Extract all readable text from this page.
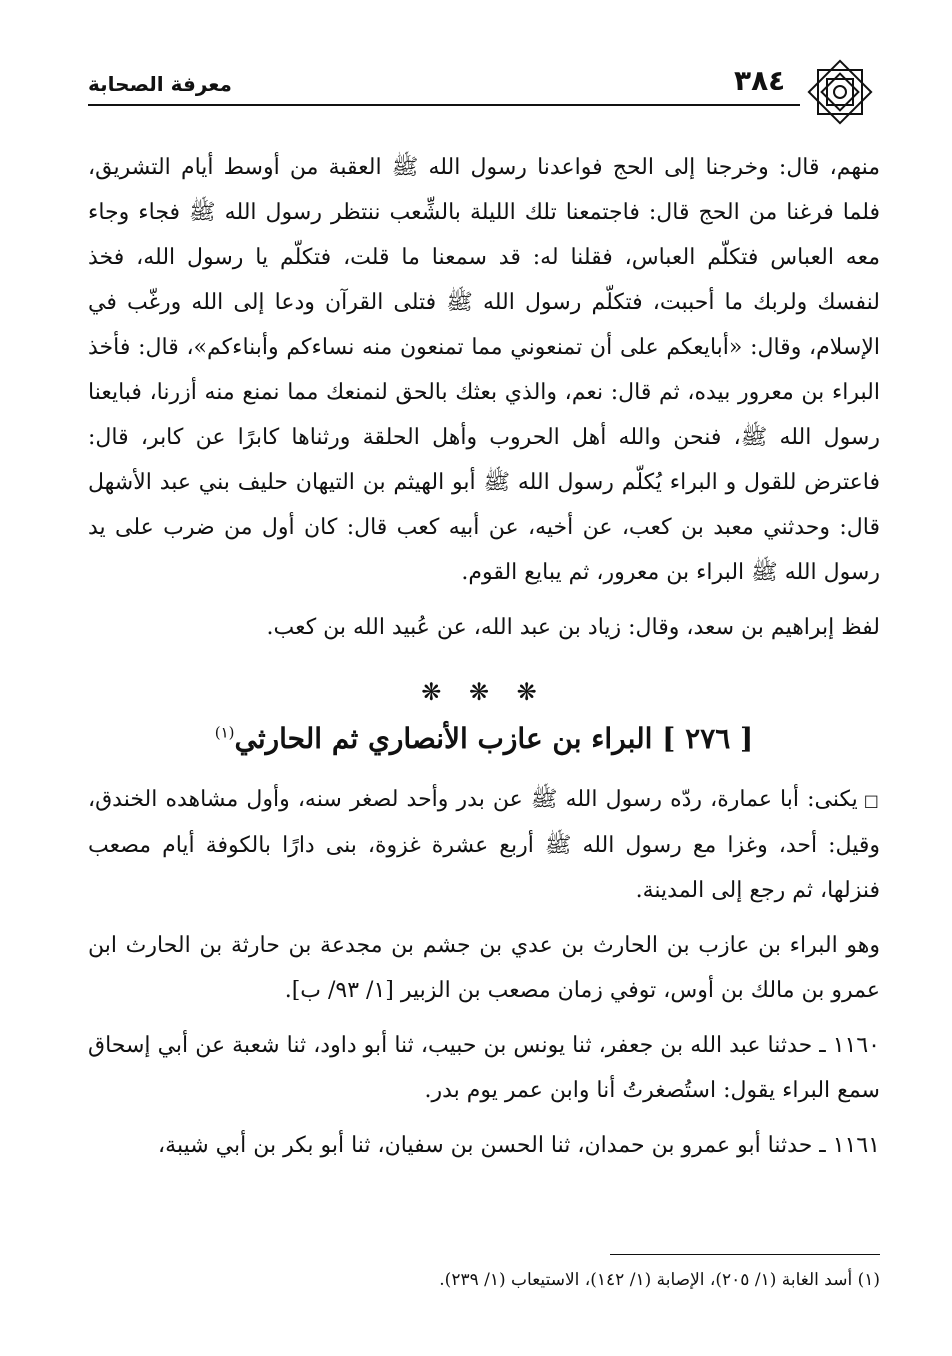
معرفة الصحابة	٣٨٤

منهم، قال: وخرجنا إلى الحج فواعدنا رسول الله ﷺ العقبة من أوسط أيام التشريق، فلما فرغنا من الحج قال: فاجتمعنا تلك الليلة بالشِّعب ننتظر رسول الله ﷺ فجاء وجاء معه العباس فتكلّم العباس، فقلنا له: قد سمعنا ما قلت، فتكلّم يا رسول الله، فخذ لنفسك ولربك ما أحببت، فتكلّم رسول الله ﷺ فتلى القرآن ودعا إلى الله ورغّب في الإسلام، وقال: «أبايعكم على أن تمنعوني مما تمنعون منه نساءكم وأبناءكم»، قال: فأخذ البراء بن معرور بيده، ثم قال: نعم، والذي بعثك بالحق لنمنعك مما نمنع منه أزرنا، فبايعنا رسول الله ﷺ، فنحن والله أهل الحروب وأهل الحلقة ورثناها كابرًا عن كابر، قال: فاعترض للقول و البراء يُكلّم رسول الله ﷺ أبو الهيثم بن التيهان حليف بني عبد الأشهل قال: وحدثني معبد بن كعب، عن أخيه، عن أبيه كعب قال: كان أول من ضرب على يد رسول الله ﷺ البراء بن معرور، ثم يبايع القوم.

لفظ إبراهيم بن سعد، وقال: زياد بن عبد الله، عن عُبيد الله بن كعب.

❋ ❋ ❋
[ ٢٧٦ ] البراء بن عازب الأنصاري ثم الحارثي$^{(١)}$

□يكنى: أبا عمارة، ردّه رسول الله ﷺ عن بدر وأحد لصغر سنه، وأول مشاهده الخندق، وقيل: أحد، وغزا مع رسول الله ﷺ أربع عشرة غزوة، بنى دارًا بالكوفة أيام مصعب فنزلها، ثم رجع إلى المدينة.

وهو البراء بن عازب بن الحارث بن عدي بن جشم بن مجدعة بن حارثة بن الحارث ابن عمرو بن مالك بن أوس، توفي زمان مصعب بن الزبير [١/ ٩٣/ ب].

١١٦٠ ـ حدثنا عبد الله بن جعفر، ثنا يونس بن حبيب، ثنا أبو داود، ثنا شعبة عن أبي إسحاق سمع البراء يقول: استُصغرتُ أنا وابن عمر يوم بدر.

١١٦١ ـ حدثنا أبو عمرو بن حمدان، ثنا الحسن بن سفيان، ثنا أبو بكر بن أبي شيبة،

(١) أسد الغابة (١/ ٢٠٥)، الإصابة (١/ ١٤٢)، الاستيعاب (١/ ٢٣٩).
